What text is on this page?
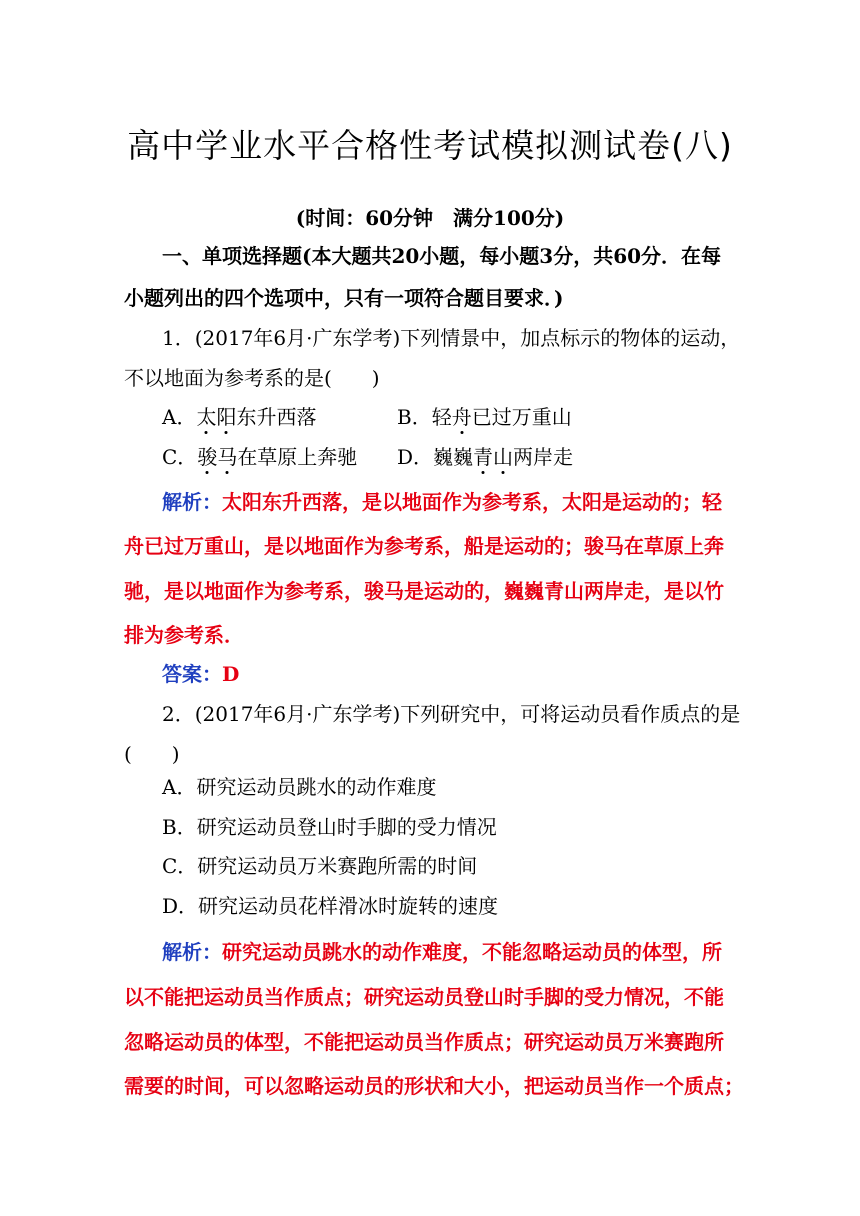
高中学业水平合格性考试模拟测试卷(八)
(时间：60分钟　满分100分)
一、单项选择题(本大题共20小题，每小题3分，共60分．在每
小题列出的四个选项中，只有一项符合题目要求．)
1．(2017年6月·广东学考)下列情景中，加点标示的物体的运动，
不以地面为参考系的是(　　)
A．太阳东升西落	B．轻舟已过万重山
C．骏马在草原上奔驰 D．巍巍青山两岸走
解析：太阳东升西落，是以地面作为参考系，太阳是运动的；轻
舟已过万重山，是以地面作为参考系，船是运动的；骏马在草原上奔
驰，是以地面作为参考系，骏马是运动的，巍巍青山两岸走，是以竹
排为参考系．
答案：D
2．(2017年6月·广东学考)下列研究中，可将运动员看作质点的是
(　　)
A．研究运动员跳水的动作难度
B．研究运动员登山时手脚的受力情况
C．研究运动员万米赛跑所需的时间
D．研究运动员花样滑冰时旋转的速度
解析：研究运动员跳水的动作难度，不能忽略运动员的体型，所
以不能把运动员当作质点；研究运动员登山时手脚的受力情况，不能
忽略运动员的体型，不能把运动员当作质点；研究运动员万米赛跑所
需要的时间，可以忽略运动员的形状和大小，把运动员当作一个质点；
